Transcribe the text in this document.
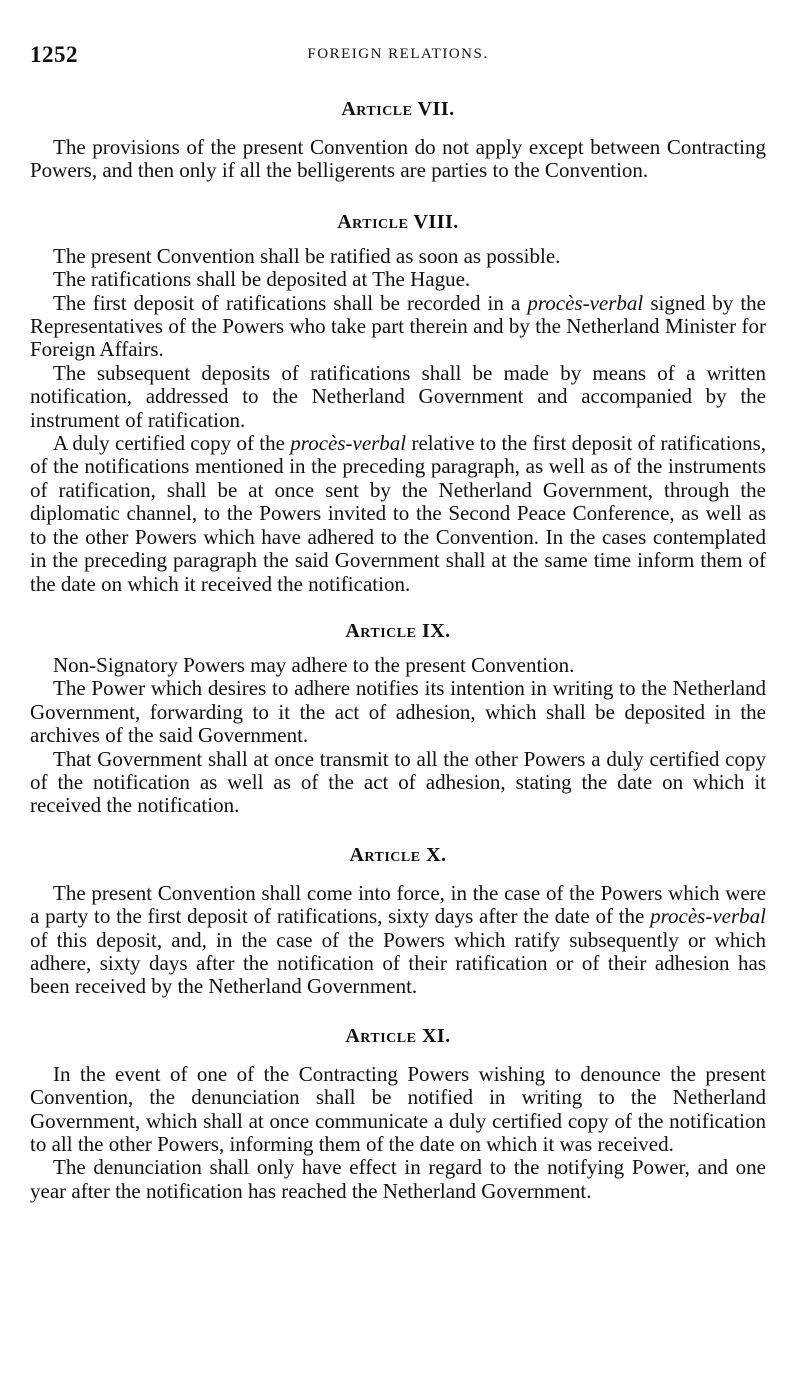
1252	FOREIGN RELATIONS.
Article VII.

The provisions of the present Convention do not apply except between Contracting Powers, and then only if all the belligerents are parties to the Convention.

Article VIII.

The present Convention shall be ratified as soon as possible.

The ratifications shall be deposited at The Hague.

The first deposit of ratifications shall be recorded in a procès-verbal signed by the Representatives of the Powers who take part therein and by the Netherland Minister for Foreign Affairs.

The subsequent deposits of ratifications shall be made by means of a written notification, addressed to the Netherland Government and accompanied by the instrument of ratification.

A duly certified copy of the procès-verbal relative to the first deposit of ratifications, of the notifications mentioned in the preceding paragraph, as well as of the instruments of ratification, shall be at once sent by the Netherland Government, through the diplomatic channel, to the Powers invited to the Second Peace Conference, as well as to the other Powers which have adhered to the Convention. In the cases contemplated in the preceding paragraph the said Government shall at the same time inform them of the date on which it received the notification.

Article IX.

Non-Signatory Powers may adhere to the present Convention.

The Power which desires to adhere notifies its intention in writing to the Netherland Government, forwarding to it the act of adhesion, which shall be deposited in the archives of the said Government.

That Government shall at once transmit to all the other Powers a duly certified copy of the notification as well as of the act of adhesion, stating the date on which it received the notification.

Article X.

The present Convention shall come into force, in the case of the Powers which were a party to the first deposit of ratifications, sixty days after the date of the procès-verbal of this deposit, and, in the case of the Powers which ratify subsequently or which adhere, sixty days after the notification of their ratification or of their adhesion has been received by the Netherland Government.

Article XI.

In the event of one of the Contracting Powers wishing to denounce the present Convention, the denunciation shall be notified in writing to the Netherland Government, which shall at once communicate a duly certified copy of the notification to all the other Powers, informing them of the date on which it was received.

The denunciation shall only have effect in regard to the notifying Power, and one year after the notification has reached the Netherland Government.
